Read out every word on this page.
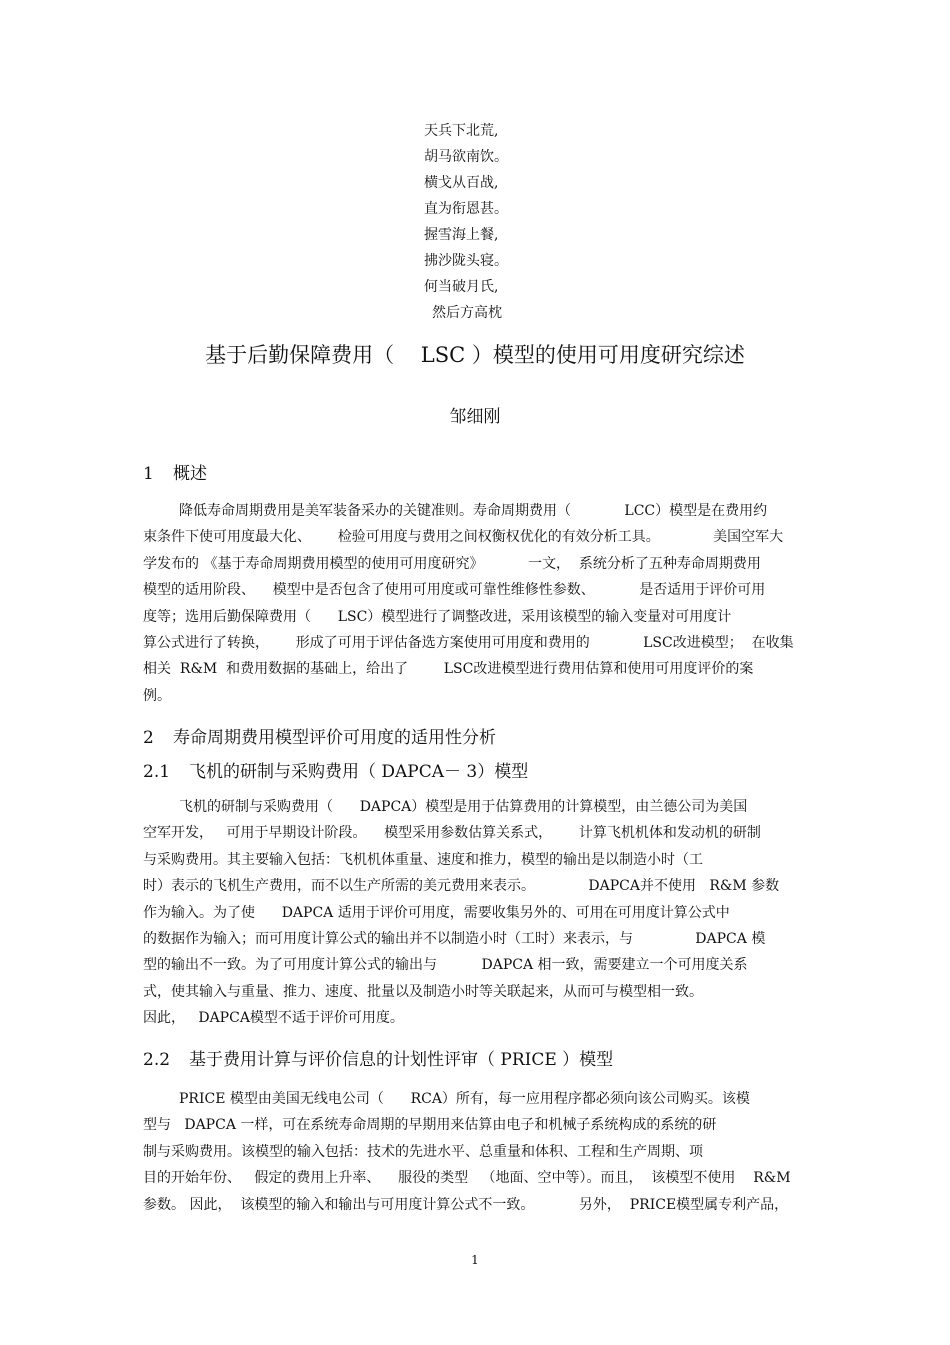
天兵下北荒,
胡马欲南饮。
横戈从百战,
直为衔恩甚。
握雪海上餐,
拂沙陇头寝。
何当破月氏,
然后方高枕
基于后勤保障费用（    LSC ）模型的使用可用度研究综述
邹细刚
1 概述
降低寿命周期费用是美军装备采办的关键准则。寿命周期费用（            LCC）模型是在费用约
束条件下使可用度最大化、      检验可用度与费用之间权衡权优化的有效分析工具。            美国空军大
学发布的 《基于寿命周期费用模型的使用可用度研究》          一文，  系统分析了五种寿命周期费用
模型的适用阶段、    模型中是否包含了使用可用度或可靠性维修性参数、          是否适用于评价可用
度等；选用后勤保障费用（      LSC）模型进行了调整改进，采用该模型的输入变量对可用度计
算公式进行了转换，      形成了可用于评估备选方案使用可用度和费用的            LSC改进模型；  在收集
相关  R&M  和费用数据的基础上，给出了        LSC改进模型进行费用估算和使用可用度评价的案
例。
2 寿命周期费用模型评价可用度的适用性分析
2.1 飞机的研制与采购费用（ DAPCA－ 3）模型
飞机的研制与采购费用（      DAPCA）模型是用于估算费用的计算模型，由兰德公司为美国
空军开发，   可用于早期设计阶段。    模型采用参数估算关系式，      计算飞机机体和发动机的研制
与采购费用。其主要输入包括：飞机机体重量、速度和推力，模型的输出是以制造小时（工
时）表示的飞机生产费用，而不以生产所需的美元费用来表示。            DAPCA并不使用   R&M 参数
作为输入。为了使      DAPCA 适用于评价可用度，需要收集另外的、可用在可用度计算公式中
的数据作为输入；而可用度计算公式的输出并不以制造小时（工时）来表示，与              DAPCA 模
型的输出不一致。为了可用度计算公式的输出与          DAPCA 相一致，需要建立一个可用度关系
式，使其输入与重量、推力、速度、批量以及制造小时等关联起来，从而可与模型相一致。
因此，   DAPCA模型不适于评价可用度。
2.2 基于费用计算与评价信息的计划性评审（ PRICE ）模型
PRICE 模型由美国无线电公司（      RCA）所有，每一应用程序都必须向该公司购买。该模
型与   DAPCA 一样，可在系统寿命周期的早期用来估算由电子和机械子系统构成的系统的研
制与采购费用。该模型的输入包括：技术的先进水平、总重量和体积、工程和生产周期、项
目的开始年份、   假定的费用上升率、    服役的类型   （地面、空中等）。而且，  该模型不使用    R&M
参数。 因此，  该模型的输入和输出与可用度计算公式不一致。          另外，  PRICE模型属专利产品，
1
